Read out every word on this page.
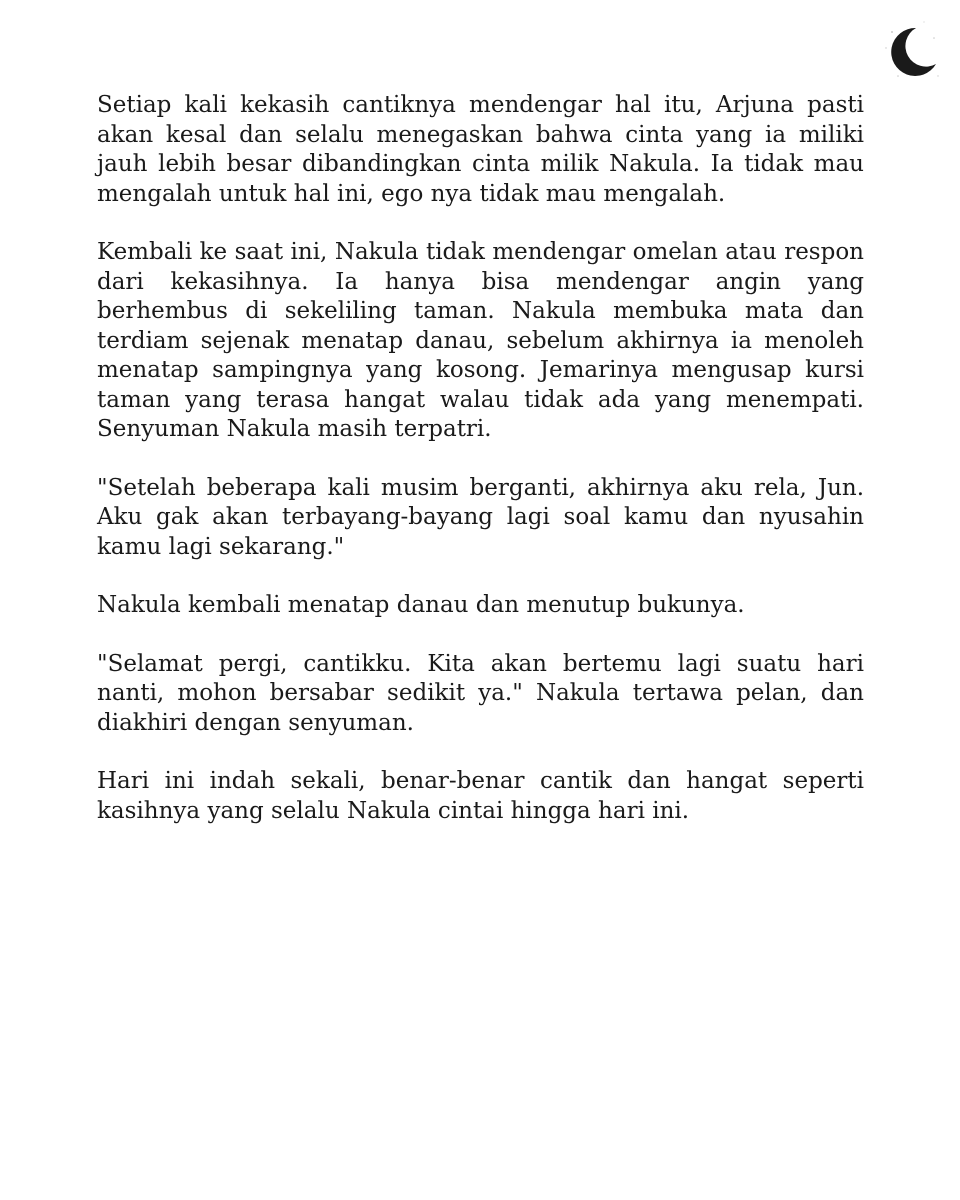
Setiap kali kekasih cantiknya mendengar hal itu, Arjuna pasti akan kesal dan selalu menegaskan bahwa cinta yang ia miliki jauh lebih besar dibandingkan cinta milik Nakula. Ia tidak mau mengalah untuk hal ini, ego nya tidak mau mengalah.

Kembali ke saat ini, Nakula tidak mendengar omelan atau respon dari kekasihnya. Ia hanya bisa mendengar angin yang berhembus di sekeliling taman. Nakula membuka mata dan terdiam sejenak menatap danau, sebelum akhirnya ia menoleh menatap sampingnya yang kosong. Jemarinya mengusap kursi taman yang terasa hangat walau tidak ada yang menempati. Senyuman Nakula masih terpatri.

"Setelah beberapa kali musim berganti, akhirnya aku rela, Jun. Aku gak akan terbayang-bayang lagi soal kamu dan nyusahin kamu lagi sekarang."

Nakula kembali menatap danau dan menutup bukunya.

"Selamat pergi, cantikku. Kita akan bertemu lagi suatu hari nanti, mohon bersabar sedikit ya." Nakula tertawa pelan, dan diakhiri dengan senyuman.

Hari ini indah sekali, benar-benar cantik dan hangat seperti kasihnya yang selalu Nakula cintai hingga hari ini.
